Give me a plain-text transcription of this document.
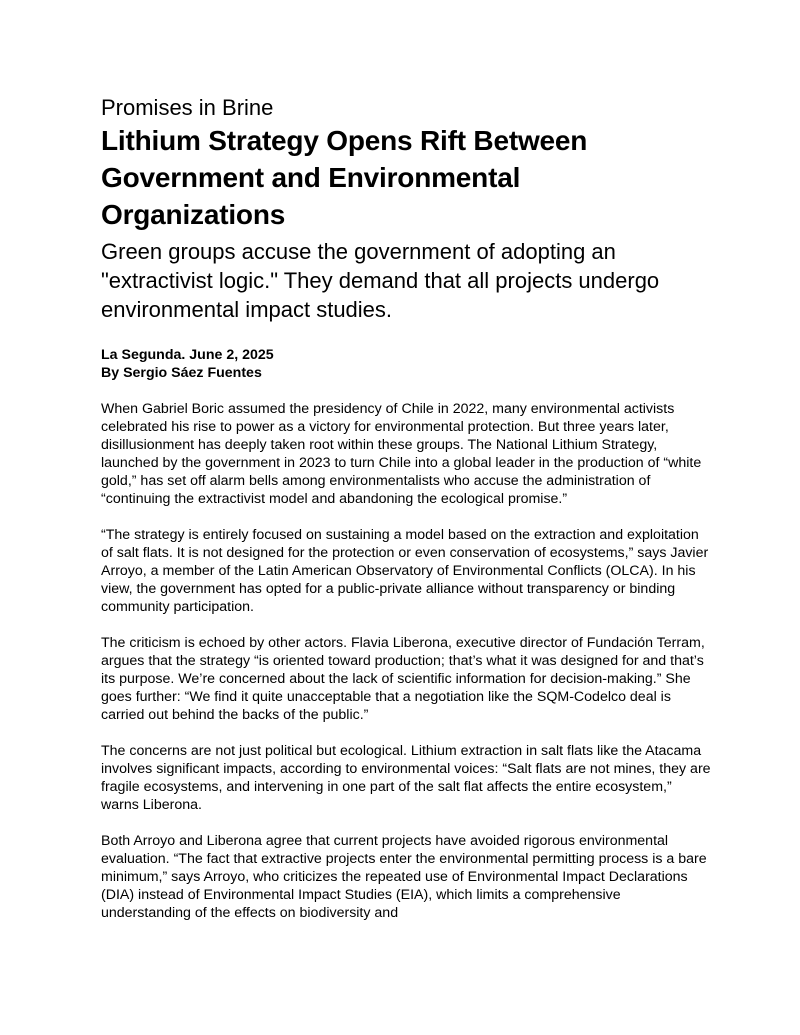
Promises in Brine
Lithium Strategy Opens Rift Between Government and Environmental Organizations
Green groups accuse the government of adopting an "extractivist logic." They demand that all projects undergo environmental impact studies.
La Segunda. June 2, 2025
By Sergio Sáez Fuentes

When Gabriel Boric assumed the presidency of Chile in 2022, many environmental activists celebrated his rise to power as a victory for environmental protection. But three years later, disillusionment has deeply taken root within these groups. The National Lithium Strategy, launched by the government in 2023 to turn Chile into a global leader in the production of “white gold,” has set off alarm bells among environmentalists who accuse the administration of “continuing the extractivist model and abandoning the ecological promise.”

“The strategy is entirely focused on sustaining a model based on the extraction and exploitation of salt flats. It is not designed for the protection or even conservation of ecosystems,” says Javier Arroyo, a member of the Latin American Observatory of Environmental Conflicts (OLCA). In his view, the government has opted for a public-private alliance without transparency or binding community participation.

The criticism is echoed by other actors. Flavia Liberona, executive director of Fundación Terram, argues that the strategy “is oriented toward production; that’s what it was designed for and that’s its purpose. We’re concerned about the lack of scientific information for decision-making.” She goes further: “We find it quite unacceptable that a negotiation like the SQM-Codelco deal is carried out behind the backs of the public.”

The concerns are not just political but ecological. Lithium extraction in salt flats like the Atacama involves significant impacts, according to environmental voices: “Salt flats are not mines, they are fragile ecosystems, and intervening in one part of the salt flat affects the entire ecosystem,” warns Liberona.

Both Arroyo and Liberona agree that current projects have avoided rigorous environmental evaluation. “The fact that extractive projects enter the environmental permitting process is a bare minimum,” says Arroyo, who criticizes the repeated use of Environmental Impact Declarations (DIA) instead of Environmental Impact Studies (EIA), which limits a comprehensive understanding of the effects on biodiversity and
